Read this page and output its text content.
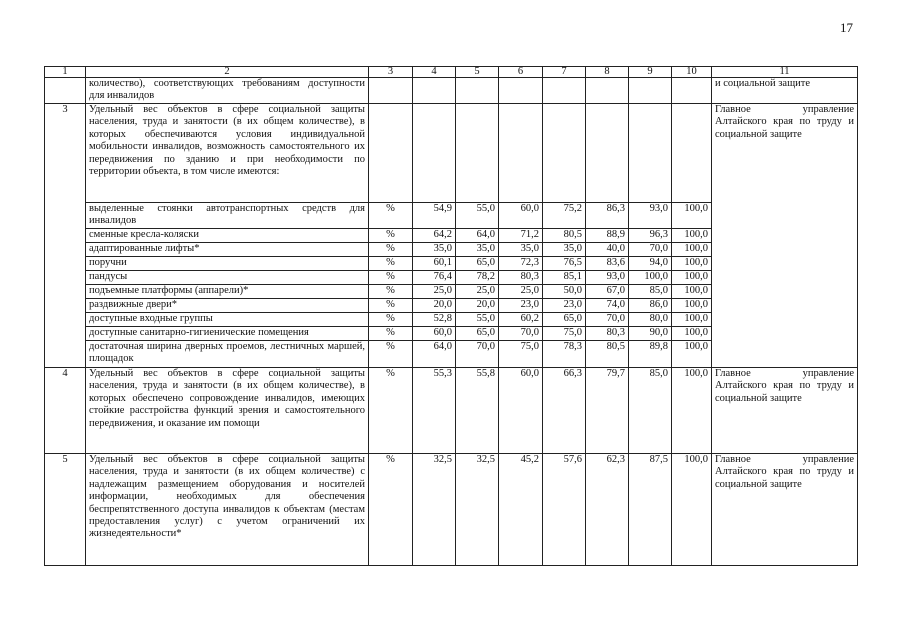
17
1	2	3	4	5	6	7	8	9	10	11
	количество), соответствующих требованиям доступности для инвалидов									и социальной защите
3	Удельный вес объектов в сфере социальной защиты населения, труда и занятости (в их общем количестве), в которых обеспечиваются условия индивидуальной мобильности инвалидов, возможность самостоятельного их передвижения по зданию и при необходимости по территории объекта, в том числе имеются:									Главное управление Алтайского края по труду и социальной защите
	выделенные стоянки автотранспортных средств для инвалидов	%	54,9	55,0	60,0	75,2	86,3	93,0	100,0	
	сменные кресла-коляски	%	64,2	64,0	71,2	80,5	88,9	96,3	100,0	
	адаптированные лифты*	%	35,0	35,0	35,0	35,0	40,0	70,0	100,0	
	поручни	%	60,1	65,0	72,3	76,5	83,6	94,0	100,0	
	пандусы	%	76,4	78,2	80,3	85,1	93,0	100,0	100,0	
	подъемные платформы (аппарели)*	%	25,0	25,0	25,0	50,0	67,0	85,0	100,0	
	раздвижные двери*	%	20,0	20,0	23,0	23,0	74,0	86,0	100,0	
	доступные входные группы	%	52,8	55,0	60,2	65,0	70,0	80,0	100,0	
	доступные санитарно-гигиенические помещения	%	60,0	65,0	70,0	75,0	80,3	90,0	100,0	
	достаточная ширина дверных проемов, лестничных маршей, площадок	%	64,0	70,0	75,0	78,3	80,5	89,8	100,0	
4	Удельный вес объектов в сфере социальной защиты населения, труда и занятости (в их общем количестве), в которых обеспечено сопровождение инвалидов, имеющих стойкие расстройства функций зрения и самостоятельного передвижения, и оказание им помощи	%	55,3	55,8	60,0	66,3	79,7	85,0	100,0	Главное управление Алтайского края по труду и социальной защите
5	Удельный вес объектов в сфере социальной защиты населения, труда и занятости (в их общем количестве) с надлежащим размещением оборудования и носителей информации, необходимых для обеспечения беспрепятственного доступа инвалидов к объектам (местам предоставления услуг) с учетом ограничений их жизнедеятельности*	%	32,5	32,5	45,2	57,6	62,3	87,5	100,0	Главное управление Алтайского края по труду и социальной защите
